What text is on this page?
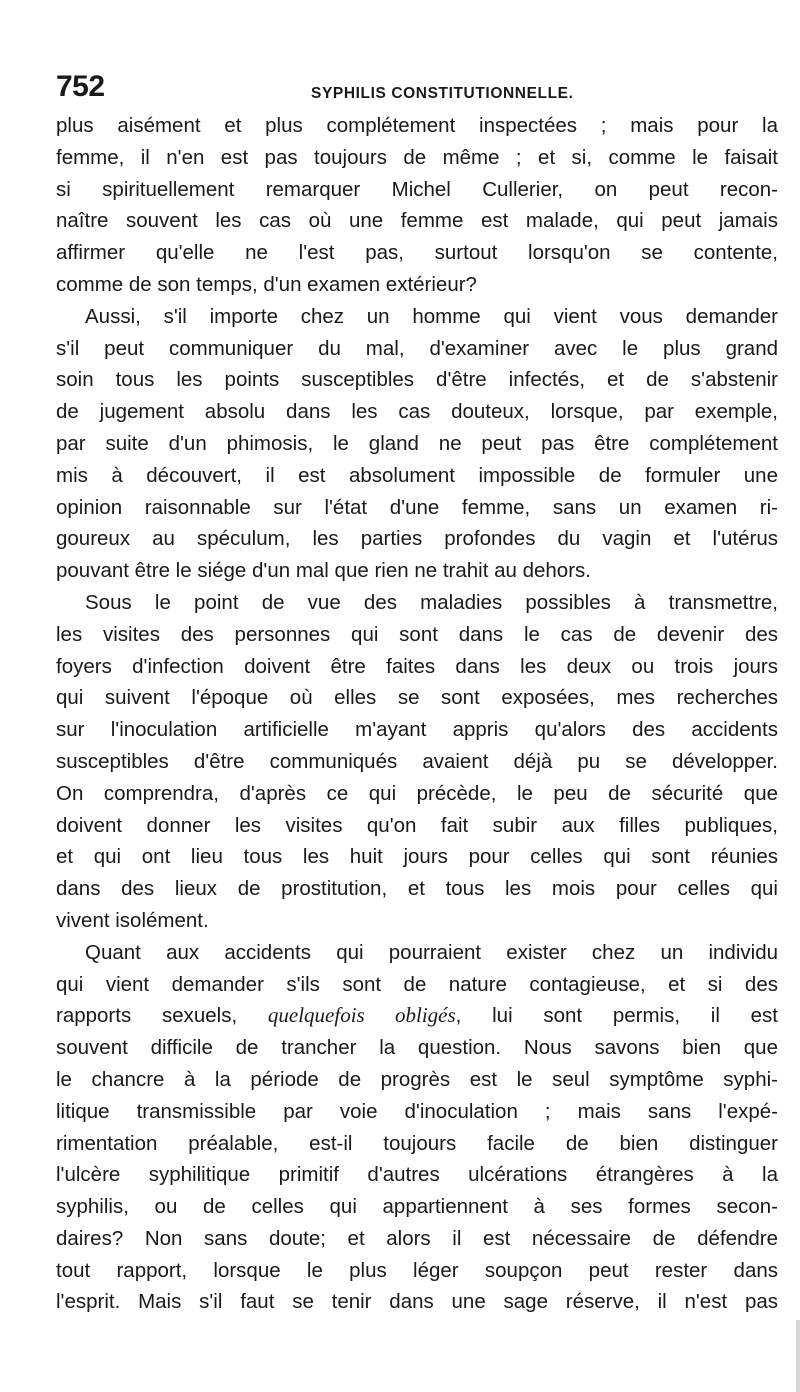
752	SYPHILIS CONSTITUTIONNELLE.
plus aisément et plus complétement inspectées ; mais pour la
femme, il n'en est pas toujours de même ; et si, comme le faisait
si spirituellement remarquer Michel Cullerier, on peut recon-
naître souvent les cas où une femme est malade, qui peut jamais
affirmer qu'elle ne l'est pas, surtout lorsqu'on se contente,
comme de son temps, d'un examen extérieur?
Aussi, s'il importe chez un homme qui vient vous demander
s'il peut communiquer du mal, d'examiner avec le plus grand
soin tous les points susceptibles d'être infectés, et de s'abstenir
de jugement absolu dans les cas douteux, lorsque, par exemple,
par suite d'un phimosis, le gland ne peut pas être complétement
mis à découvert, il est absolument impossible de formuler une
opinion raisonnable sur l'état d'une femme, sans un examen ri-
goureux au spéculum, les parties profondes du vagin et l'utérus
pouvant être le siége d'un mal que rien ne trahit au dehors.
Sous le point de vue des maladies possibles à transmettre,
les visites des personnes qui sont dans le cas de devenir des
foyers d'infection doivent être faites dans les deux ou trois jours
qui suivent l'époque où elles se sont exposées, mes recherches
sur l'inoculation artificielle m'ayant appris qu'alors des accidents
susceptibles d'être communiqués avaient déjà pu se développer.
On comprendra, d'après ce qui précède, le peu de sécurité que
doivent donner les visites qu'on fait subir aux filles publiques,
et qui ont lieu tous les huit jours pour celles qui sont réunies
dans des lieux de prostitution, et tous les mois pour celles qui
vivent isolément.
Quant aux accidents qui pourraient exister chez un individu
qui vient demander s'ils sont de nature contagieuse, et si des
rapports sexuels, quelquefois obligés, lui sont permis, il est
souvent difficile de trancher la question. Nous savons bien que
le chancre à la période de progrès est le seul symptôme syphi-
litique transmissible par voie d'inoculation ; mais sans l'expé-
rimentation préalable, est-il toujours facile de bien distinguer
l'ulcère syphilitique primitif d'autres ulcérations étrangères à la
syphilis, ou de celles qui appartiennent à ses formes secon-
daires? Non sans doute; et alors il est nécessaire de défendre
tout rapport, lorsque le plus léger soupçon peut rester dans
l'esprit. Mais s'il faut se tenir dans une sage réserve, il n'est pas
